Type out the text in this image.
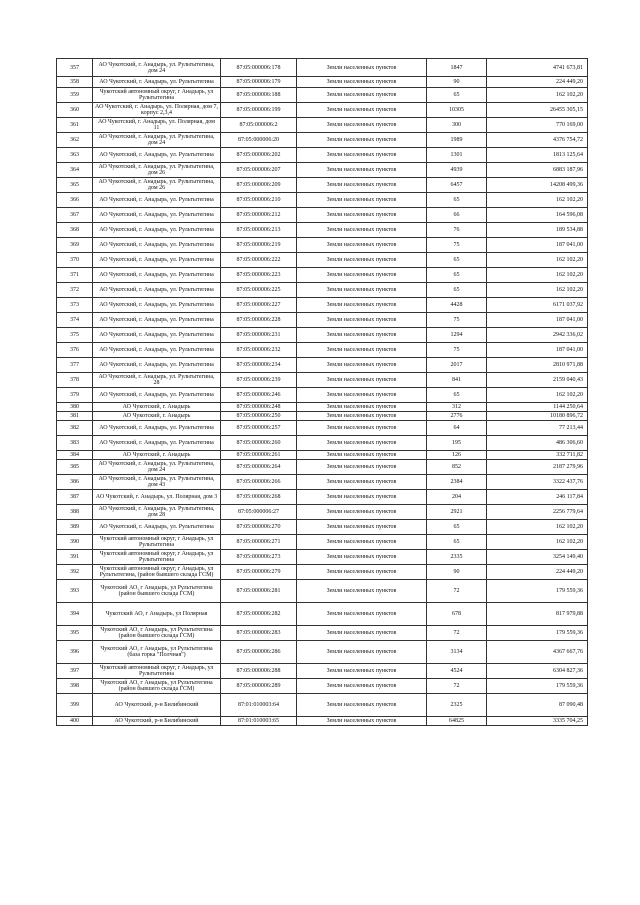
357	АО Чукотский, г. Анадырь, ул. Рультытегина, дом 24	87:05:000006:178	Земли населенных пунктов	1847	4741 673,81
358	АО Чукотский, г. Анадырь, ул. Рультытегина	87:05:000006:179	Земли населенных пунктов	90	224 449,20
359	Чукотский автономный округ, г Анадырь, ул Рультытегина	87:05:000006:188	Земли населенных пунктов	65	162 102,20
360	АО Чукотский, г. Анадырь, ул. Полярная, дом 7, корпус 2,3,4	87:05:000006:199	Земли населенных пунктов	10305	26455 305,15
361	АО Чукотский, г. Анадырь, ул. Полярная, дом 11	87:05:000006:2	Земли населенных пунктов	300	770 169,00
362	АО Чукотский, г. Анадырь, ул. Рультытегина, дом 24	87:05:000006:20	Земли населенных пунктов	1989	4376 754,72
363	АО Чукотский, г. Анадырь, ул. Рультытегина	87:05:000006:202	Земли населенных пунктов	1301	1813 125,64
364	АО Чукотский, г. Анадырь, ул. Рультытегина, дом 26	87:05:000006:207	Земли населенных пунктов	4939	6883 187,96
365	АО Чукотский, г. Анадырь, ул. Рультытегина, дом 26	87:05:000006:209	Земли населенных пунктов	6457	14208 499,36
366	АО Чукотский, г. Анадырь, ул. Рультытегина	87:05:000006:210	Земли населенных пунктов	65	162 102,20
367	АО Чукотский, г. Анадырь, ул. Рультытегина	87:05:000006:212	Земли населенных пунктов	66	164 596,08
368	АО Чукотский, г. Анадырь, ул. Рультытегина	87:05:000006:213	Земли населенных пунктов	76	189 534,88
369	АО Чукотский, г. Анадырь, ул. Рультытегина	87:05:000006:219	Земли населенных пунктов	75	187 041,00
370	АО Чукотский, г. Анадырь, ул. Рультытегина	87:05:000006:222	Земли населенных пунктов	65	162 102,20
371	АО Чукотский, г. Анадырь, ул. Рультытегина	87:05:000006:223	Земли населенных пунктов	65	162 102,20
372	АО Чукотский, г. Анадырь, ул. Рультытегина	87:05:000006:225	Земли населенных пунктов	65	162 102,20
373	АО Чукотский, г. Анадырь, ул. Рультытегина	87:05:000006:227	Земли населенных пунктов	4428	6171 037,92
374	АО Чукотский, г. Анадырь, ул. Рультытегина	87:05:000006:228	Земли населенных пунктов	75	187 041,00
375	АО Чукотский, г. Анадырь, ул. Рультытегина	87:05:000006:231	Земли населенных пунктов	1294	2942 336,02
376	АО Чукотский, г. Анадырь, ул. Рультытегина	87:05:000006:232	Земли населенных пунктов	75	187 041,00
377	АО Чукотский, г. Анадырь, ул. Рультытегина	87:05:000006:234	Земли населенных пунктов	2017	2810 971,88
378	АО Чукотский, г. Анадырь, ул. Рультытегина, 28	87:05:000006:239	Земли населенных пунктов	841	2159 040,43
379	АО Чукотский, г. Анадырь, ул. Рультытегина	87:05:000006:246	Земли населенных пунктов	65	162 102,20
380	АО Чукотский, г. Анадырь	87:05:000006:248	Земли населенных пунктов	312	1144 250,64
381	АО Чукотский, г. Анадырь	87:05:000006:250	Земли населенных пунктов	2776	10180 896,72
382	АО Чукотский, г. Анадырь, ул. Рультытегина	87:05:000006:257	Земли населенных пунктов	64	77 213,44
383	АО Чукотский, г. Анадырь, ул. Рультытегина	87:05:000006:260	Земли населенных пунктов	195	486 306,60
384	АО Чукотский, г. Анадырь	87:05:000006:261	Земли населенных пунктов	126	332 711,82
385	АО Чукотский, г. Анадырь, ул. Рультытегина, дом 24	87:05:000006:264	Земли населенных пунктов	852	2187 279,96
386	АО Чукотский, г. Анадырь, ул. Рультытегина, дом 43	87:05:000006:266	Земли населенных пунктов	2384	3322 437,76
387	АО Чукотский, г. Анадырь, ул. Полярная, дом 3	87:05:000006:268	Земли населенных пунктов	204	246 117,84
388	АО Чукотский, г. Анадырь, ул. Рультытегина, дом 28	87:05:000006:27	Земли населенных пунктов	2921	2256 779,64
389	АО Чукотский, г. Анадырь, ул. Рультытегина	87:05:000006:270	Земли населенных пунктов	65	162 102,20
390	Чукотский автономный округ, г Анадырь, ул Рультытегина	87:05:000006:271	Земли населенных пунктов	65	162 102,20
391	Чукотский автономный округ, г Анадырь, ул Рультытегина	87:05:000006:273	Земли населенных пунктов	2335	3254 149,40
392	Чукотский автономный округ, г Анадырь, ул Рультытегина, (район бывшего склада ГСМ)	87:05:000006:279	Земли населенных пунктов	90	224 449,20
393	Чукотский АО, г Анадырь, ул Рультытегина (район бывшего склада ГСМ)	87:05:000006:281	Земли населенных пунктов	72	179 559,36
394	Чукотский АО, г Анадырь, ул Полярная	87:05:000006:282	Земли населенных пунктов	678	817 979,88
395	Чукотский АО, г Анадырь, ул Рультытегина (район бывшего склада ГСМ)	87:05:000006:283	Земли населенных пунктов	72	179 559,36
396	Чукотский АО, г Анадырь, ул Рультытегина (база горка "Полчная")	87:05:000006:286	Земли населенных пунктов	3134	4367 667,76
397	Чукотский автономный округ, г Анадырь, ул Рультытегина	87:05:000006:288	Земли населенных пунктов	4524	6304 827,36
398	Чукотский АО, г Анадырь, ул Рультытегина (район бывшего склада ГСМ)	87:05:000006:289	Земли населенных пунктов	72	179 559,36
399	АО Чукотский, р-н Билибинский	87:01:010003:64	Земли населенных пунктов	2325	87 090,48
400	АО Чукотский, р-н Билибинский	87:01:010003:65	Земли населенных пунктов	64825	3335 704,25
